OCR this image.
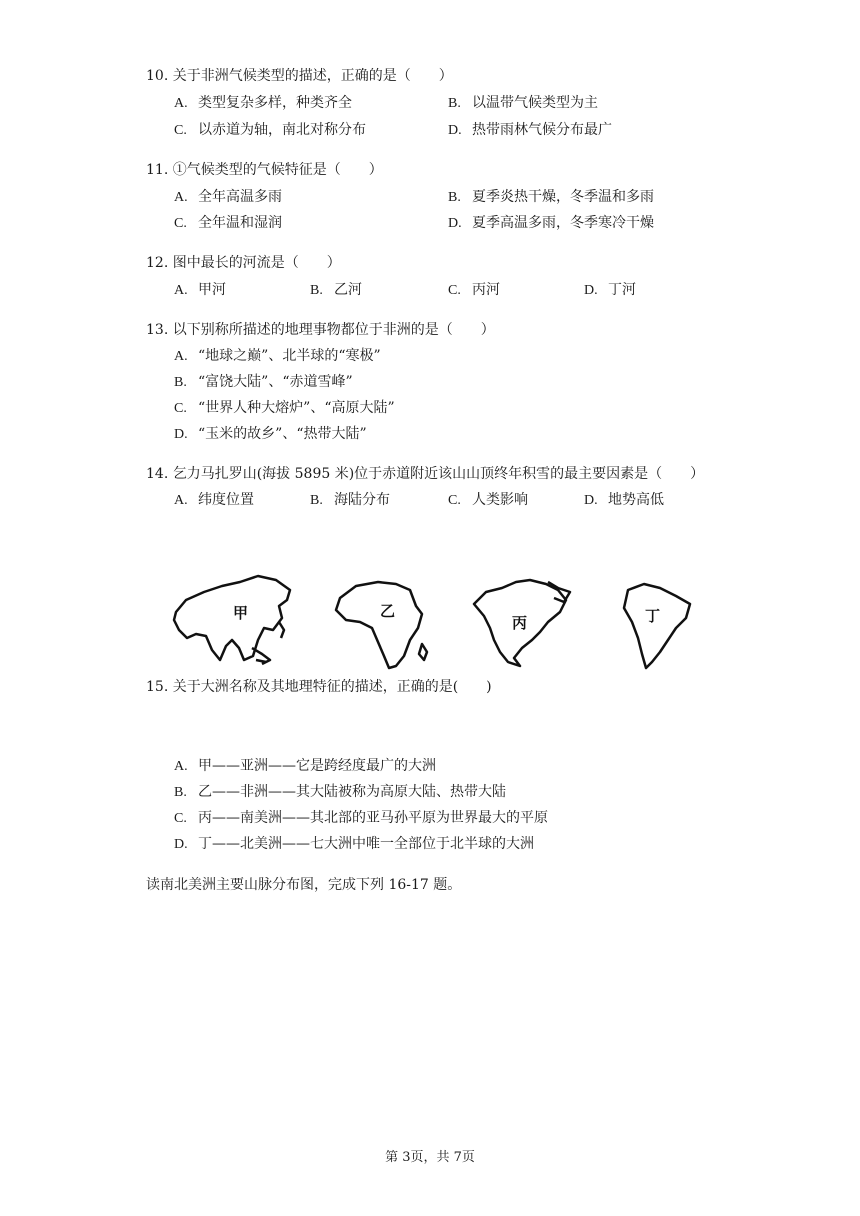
10. 关于非洲气候类型的描述，正确的是（　　）
A. 类型复杂多样，种类齐全	B. 以温带气候类型为主
C. 以赤道为轴，南北对称分布	D. 热带雨林气候分布最广
11. ①气候类型的气候特征是（　　）
A. 全年高温多雨	B. 夏季炎热干燥，冬季温和多雨
C. 全年温和湿润	D. 夏季高温多雨，冬季寒冷干燥
12. 图中最长的河流是（　　）
A. 甲河	B. 乙河	C. 丙河	D. 丁河
13. 以下别称所描述的地理事物都位于非洲的是（　　）
A. “地球之巅”、北半球的“寒极”
B. “富饶大陆”、“赤道雪峰”
C. “世界人种大熔炉”、“高原大陆”
D. “玉米的故乡”、“热带大陆”
14. 乞力马扎罗山(海拔 5895 米)位于赤道附近该山山顶终年积雪的最主要因素是（　　）
A. 纬度位置	B. 海陆分布	C. 人类影响	D. 地势高低
甲	乙
丙	丁
15. 关于大洲名称及其地理特征的描述，正确的是(　　)
A. 甲——亚洲——它是跨经度最广的大洲
B. 乙——非洲——其大陆被称为高原大陆、热带大陆
C. 丙——南美洲——其北部的亚马孙平原为世界最大的平原
D. 丁——北美洲——七大洲中唯一全部位于北半球的大洲
读南北美洲主要山脉分布图，完成下列 16-17 题。
第 3页，共 7页
